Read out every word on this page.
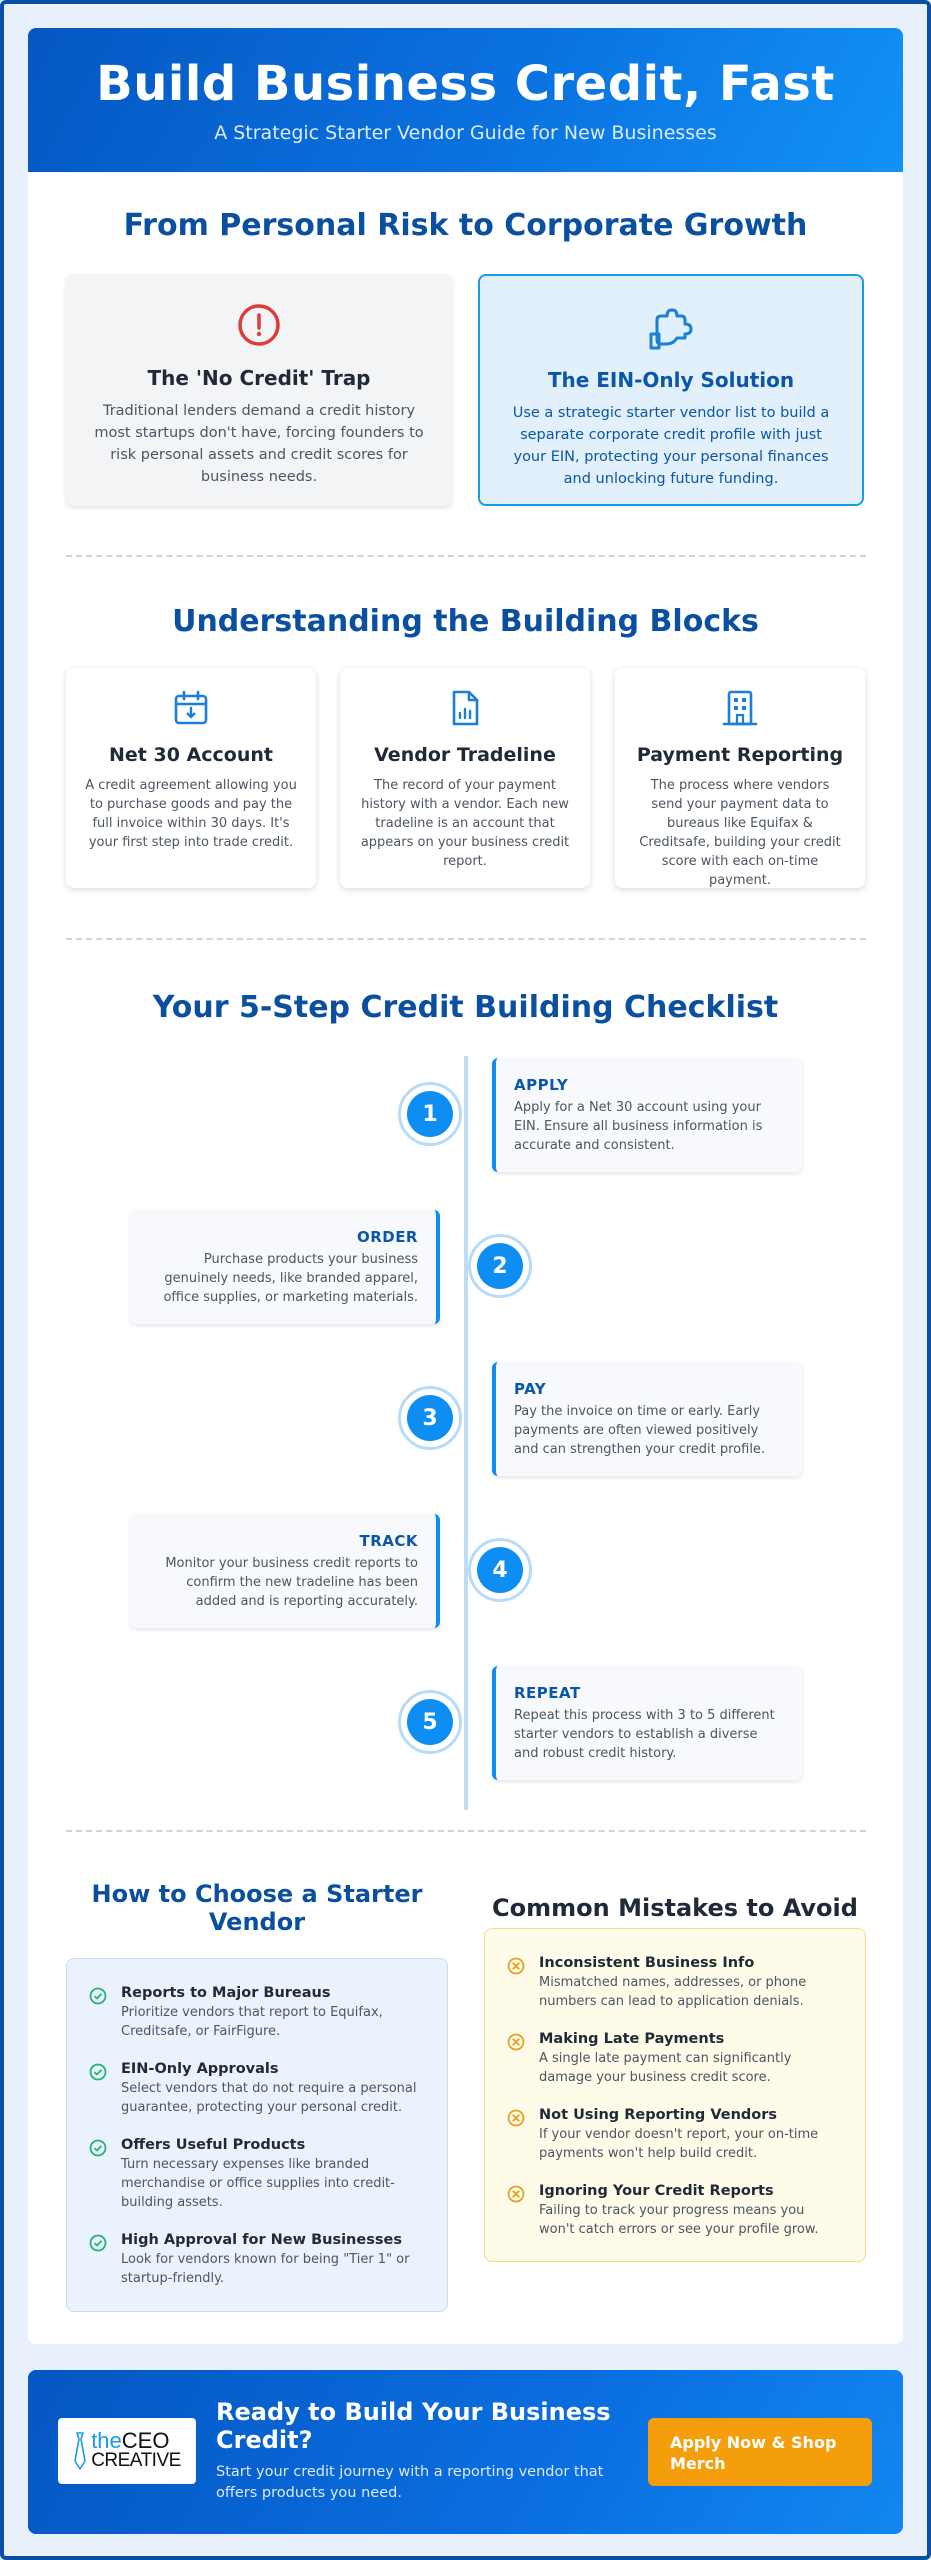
Build Business Credit, Fast

A Strategic Starter Vendor Guide for New Businesses

From Personal Risk to Corporate Growth
The 'No Credit' Trap

Traditional lenders demand a credit history most startups don't have, forcing founders to risk personal assets and credit scores for business needs.

The EIN-Only Solution

Use a strategic starter vendor list to build a separate corporate credit profile with just your EIN, protecting your personal finances and unlocking future funding.

Understanding the Building Blocks
Net 30 Account

A credit agreement allowing you to purchase goods and pay the full invoice within 30 days. It's your first step into trade credit.

Vendor Tradeline

The record of your payment history with a vendor. Each new tradeline is an account that appears on your business credit report.

Payment Reporting

The process where vendors send your payment data to bureaus like Equifax & Creditsafe, building your credit score with each on-time payment.

Your 5-Step Credit Building Checklist
1
APPLY

Apply for a Net 30 account using your EIN. Ensure all business information is accurate and consistent.

2
ORDER

Purchase products your business genuinely needs, like branded apparel, office supplies, or marketing materials.

3
PAY

Pay the invoice on time or early. Early payments are often viewed positively and can strengthen your credit profile.

4
TRACK

Monitor your business credit reports to confirm the new tradeline has been added and is reporting accurately.

5
REPEAT

Repeat this process with 3 to 5 different starter vendors to establish a diverse and robust credit history.

How to Choose a Starter Vendor
Reports to Major Bureaus

Prioritize vendors that report to Equifax, Creditsafe, or FairFigure.

EIN-Only Approvals

Select vendors that do not require a personal guarantee, protecting your personal credit.

Offers Useful Products

Turn necessary expenses like branded merchandise or office supplies into credit-building assets.

High Approval for New Businesses

Look for vendors known for being "Tier 1" or startup-friendly.

Common Mistakes to Avoid
Inconsistent Business Info

Mismatched names, addresses, or phone numbers can lead to application denials.

Making Late Payments

A single late payment can significantly damage your business credit score.

Not Using Reporting Vendors

If your vendor doesn't report, your on-time payments won't help build credit.

Ignoring Your Credit Reports

Failing to track your progress means you won't catch errors or see your profile grow.

theCEO
CREATIVE
Ready to Build Your Business Credit?

Start your credit journey with a reporting vendor that offers products you need.

Apply Now & Shop Merch
